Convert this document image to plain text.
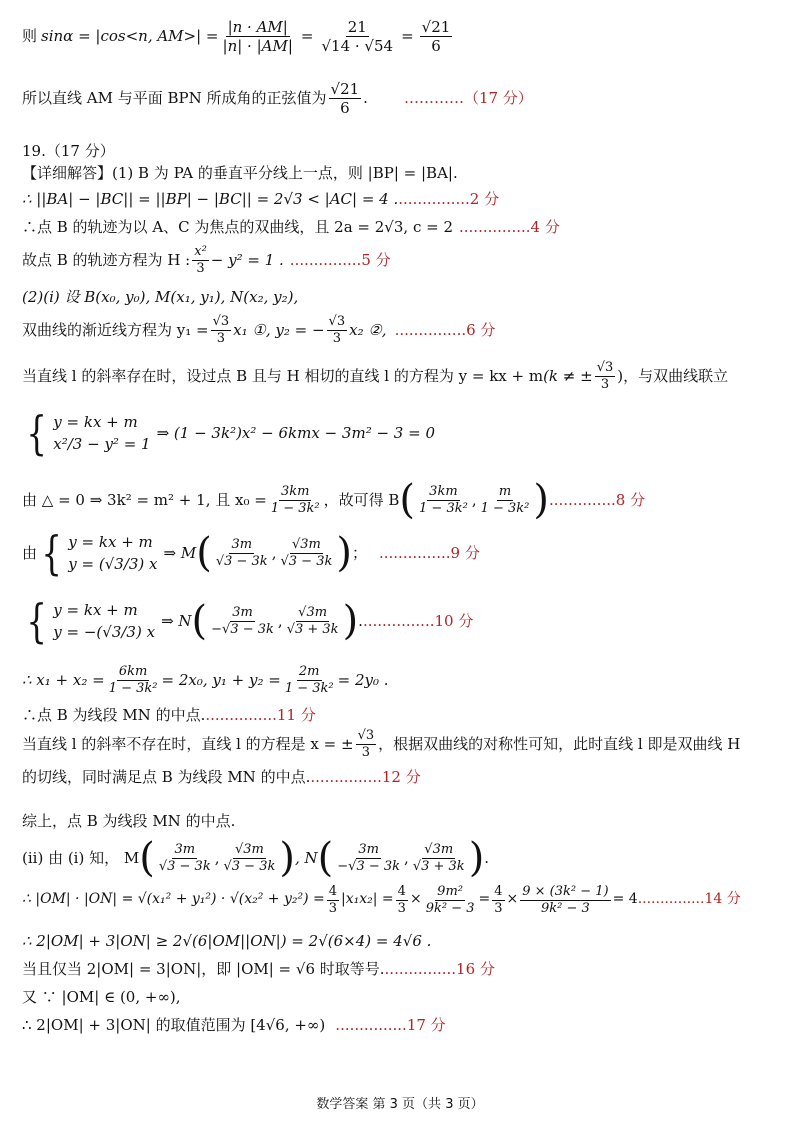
则 sinα = |cos<n, $AM>| = \frac{|n \cdot AM|}{|n| \cdot |AM|} = \frac{21}{√14 \cdot √54} = \frac{√21}{6}$
所以直线 AM 与平面 BPN 所成角的正弦值为 $\frac{√21}{6}$ . …………（17 分）
19.（17 分）
【详细解答】(1) B 为 PA 的垂直平分线上一点，则 |BP| = |BA|.
∴ ||BA| − |BC|| = ||BP| − |BC|| = 2√3 < |AC| = 4 . ...............2 分
∴点 B 的轨迹为以 A、C 为焦点的双曲线，且 2a = 2√3, c = 2 ...............4 分
故点 B 的轨迹方程为 H : $\frac{\text{x²}}{3} - y^2 = 1$ . ...............5 分
(2)(i) 设 B(x₀, y₀), M(x₁, y₁), N(x₂, y₂),
双曲线的渐近线方程为 $y_1 = \frac{√3}{3} x_1$ ①, y₂ = − $\frac{√3}{3} x_2$ ②, ...............6 分
当直线 l 的斜率存在时，设过点 B 且与 H 相切的直线 l 的方程为 y = kx + m (k ≠ ± $\frac{√3}{3}$ )，与双曲线联立
{ y = kx + m
x²/3 − y² = 1
⇒ (1 − 3k²)x² − 6kmx − 3m² − 3 = 0
由 △ = 0 ⇒ 3k² = m² + 1, 且 $x_0 = \frac{3km}{\text{1 − 3k²}}$ ，故可得 B ( $\frac{3km}{\text{1 − 3k²}}$ , $\frac{m}{\text{1 − 3k²}}$ ) ..............8 分
由 { y = kx + m
y = (√3/3) x
⇒ M ( $\frac{3m}{√3 - 3k}$ , $\frac{√3m}{√3 - 3k}$ ) ； ...............9 分
{ y = kx + m
y = −(√3/3) x
⇒ N ( $\frac{3m}{-√3 - 3k}$ , $\frac{√3m}{√3 + 3k}$ ) . ...............10 分
∴ $x_1 + x_2 = \frac{6km}{\text{1 − 3k²}} = 2x_0$, $y_1 + y_2 = \frac{2m}{\text{1 − 3k²}} = 2y_0$ .
∴点 B 为线段 MN 的中点. ...............11 分
当直线 l 的斜率不存在时，直线 l 的方程是 x = ± $\frac{√3}{3}$ ，根据双曲线的对称性可知，此时直线 l 即是双曲线 H
的切线，同时满足点 B 为线段 MN 的中点. ...............12 分
综上，点 B 为线段 MN 的中点.
(ii) 由 (i) 知， M ( $\frac{3m}{√3 - 3k}$ , $\frac{√3m}{√3 - 3k}$ ) , N ( $\frac{3m}{-√3 - 3k}$ , $\frac{√3m}{√3 + 3k}$ ) .
∴ $|OM| \cdot |ON| = √(x_1^2 + y_1^2) \cdot √(x_2^2 + y_2^2) = \frac{4}{3} |x_1x_2| = \frac{4}{3} \times \frac{\text{9m²}}{\text{9k² − 3}} = \frac{4}{3} \times \frac{\text{9 × (3k² − 1)}}{\text{9k² − 3}} = 4$ ...............14 分
∴ 2|OM| + 3|ON| ≥ 2√(6|OM||ON|) = 2√(6×4) = 4√6 .
当且仅当 2|OM| = 3|ON|，即 |OM| = √6 时取等号. ...............16 分
又 ∵ |OM| ∈ (0, +∞),
∴ 2|OM| + 3|ON| 的取值范围为 [4√6, +∞) ...............17 分
数学答案 第 3 页（共 3 页）
